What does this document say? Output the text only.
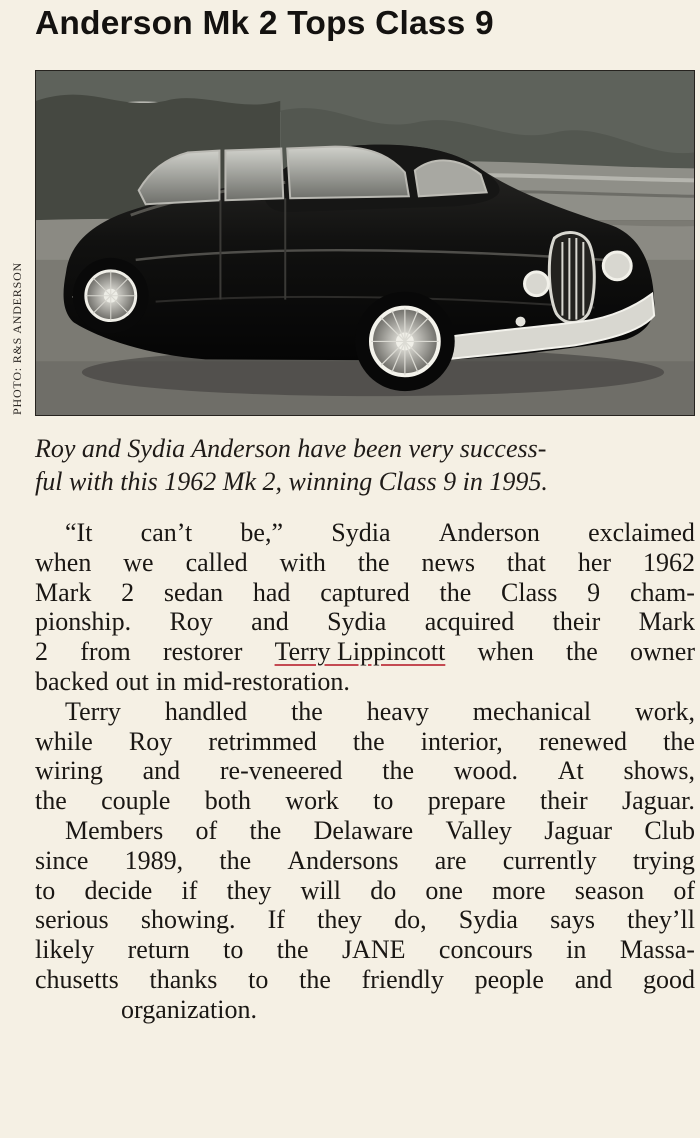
Anderson Mk 2 Tops Class 9
PHOTO: R&S ANDERSON

Roy and Sydia Anderson have been very success-
ful with this 1962 Mk 2, winning Class 9 in 1995.

“It can’t be,” Sydia Anderson exclaimed
when we called with the news that her 1962
Mark 2 sedan had captured the Class 9 cham-
pionship. Roy and Sydia acquired their Mark
2 from restorer Terry Lippincott when the owner
backed out in mid-restoration.
Terry handled the heavy mechanical work,
while Roy retrimmed the interior, renewed the
wiring and re-veneered the wood. At shows,
the couple both work to prepare their Jaguar.
Members of the Delaware Valley Jaguar Club
since 1989, the Andersons are currently trying
to decide if they will do one more season of
serious showing. If they do, Sydia says they’ll
likely return to the JANE concours in Massa-
chusetts thanks to the friendly people and good
organization.
